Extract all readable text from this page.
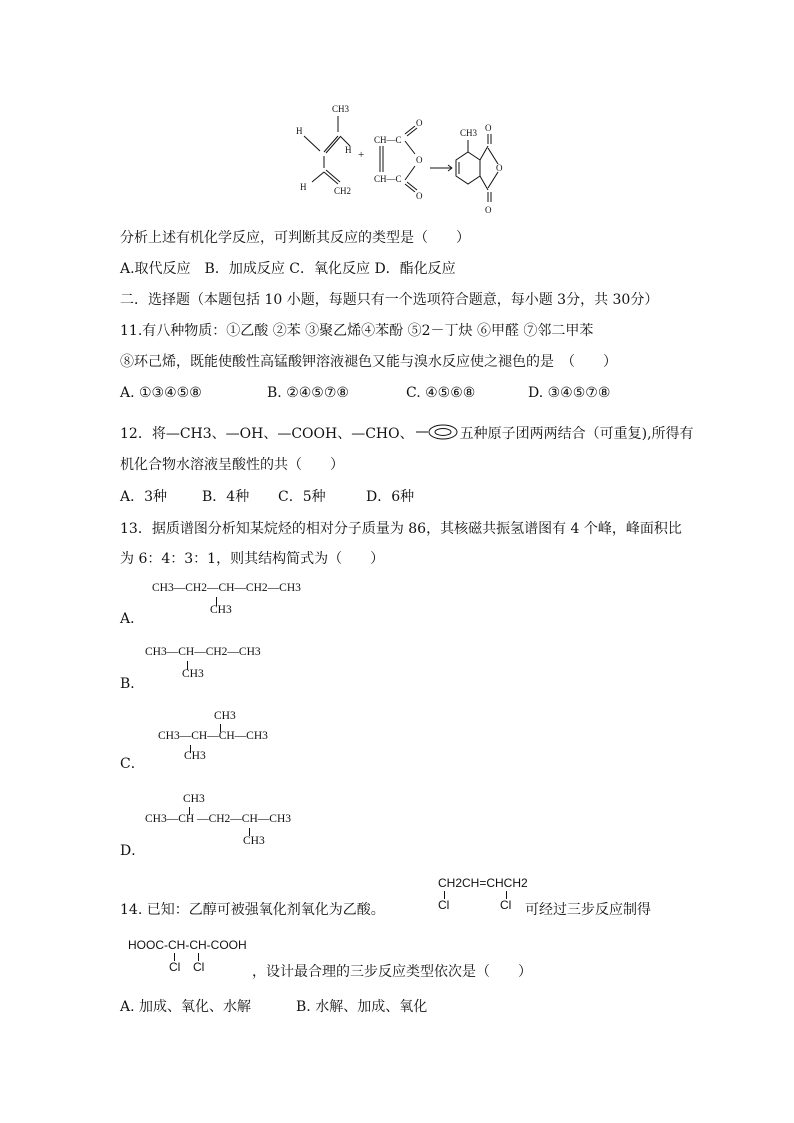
CH3
H
H
H	CH2
+
CH—C
CH—C
O
O
O
CH3 O
O
O
分析上述有机化学反应，可判断其反应的类型是（　　）
A.取代反应　B．加成反应 C．氧化反应 D．酯化反应
二．选择题（本题包括 10 小题，每题只有一个选项符合题意，每小题 3分，共 30分）
11.有八种物质：①乙酸 ②苯 ③聚乙烯④苯酚 ⑤2－丁炔 ⑥甲醛 ⑦邻二甲苯
⑧环己烯，既能使酸性高锰酸钾溶液褪色又能与溴水反应使之褪色的是　（　　）
A. ①③④⑤⑧	B. ②④⑤⑦⑧	C. ④⑤⑥⑧	D. ③④⑤⑦⑧
12．将—CH3、—OH、—COOH、—CHO、	五种原子团两两结合（可重复),所得有
机化合物水溶液呈酸性的共（　　）
A．3种 B．4种 C．5种	D．6种
13．据质谱图分析知某烷烃的相对分子质量为 86，其核磁共振氢谱图有 4 个峰，峰面积比
为 6：4：3：1，则其结构简式为（　　）
CH3—CH2—CH—CH2—CH3
CH3
A．
CH3—CH—CH2—CH3
CH3
B．
CH3
CH3—CH—CH—CH3
CH3
C．
CH3
CH3—CH —CH2—CH—CH3
CH3
D．
CH2CH=CHCH2
Cl	Cl
14. 已知：乙醇可被强氧化剂氧化为乙酸。	可经过三步反应制得
HOOC-CH-CH-COOH
Cl Cl	，设计最合理的三步反应类型依次是（　　）
A. 加成、氧化、水解	B. 水解、加成、氧化
